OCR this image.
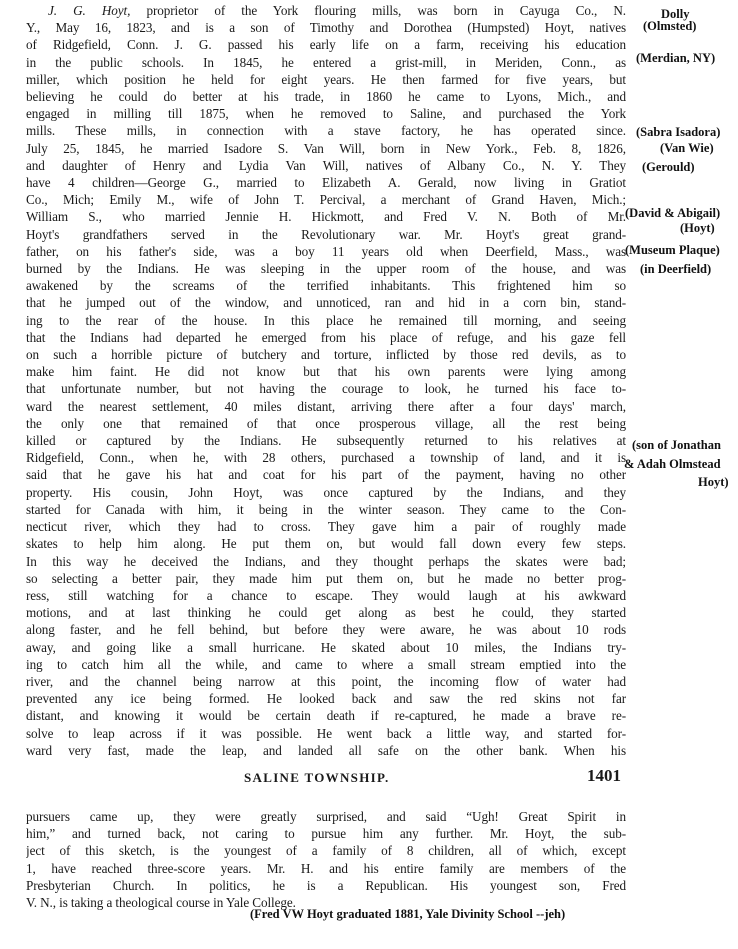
J. G. Hoyt, proprietor of the York flouring mills, was born in Cayuga Co., N.
Y., May 16, 1823, and is a son of Timothy and Dorothea (Humpsted) Hoyt, natives
of Ridgefield, Conn. J. G. passed his early life on a farm, receiving his education
in the public schools. In 1845, he entered a grist-mill, in Meriden, Conn., as
miller, which position he held for eight years. He then farmed for five years, but
believing he could do better at his trade, in 1860 he came to Lyons, Mich., and
engaged in milling till 1875, when he removed to Saline, and purchased the York
mills. These mills, in connection with a stave factory, he has operated since.
July 25, 1845, he married Isadore S. Van Will, born in New York., Feb. 8, 1826,
and daughter of Henry and Lydia Van Will, natives of Albany Co., N. Y. They
have 4 children—George G., married to Elizabeth A. Gerald, now living in Gratiot
Co., Mich; Emily M., wife of John T. Percival, a merchant of Grand Haven, Mich.;
William S., who married Jennie H. Hickmott, and Fred V. N. Both of Mr.
Hoyt's grandfathers served in the Revolutionary war. Mr. Hoyt's great grand-
father, on his father's side, was a boy 11 years old when Deerfield, Mass., was
burned by the Indians. He was sleeping in the upper room of the house, and was
awakened by the screams of the terrified inhabitants. This frightened him so
that he jumped out of the window, and unnoticed, ran and hid in a corn bin, stand-
ing to the rear of the house. In this place he remained till morning, and seeing
that the Indians had departed he emerged from his place of refuge, and his gaze fell
on such a horrible picture of butchery and torture, inflicted by those red devils, as to
make him faint. He did not know but that his own parents were lying among
that unfortunate number, but not having the courage to look, he turned his face to-
ward the nearest settlement, 40 miles distant, arriving there after a four days' march,
the only one that remained of that once prosperous village, all the rest being
killed or captured by the Indians. He subsequently returned to his relatives at
Ridgefield, Conn., when he, with 28 others, purchased a township of land, and it is
said that he gave his hat and coat for his part of the payment, having no other
property. His cousin, John Hoyt, was once captured by the Indians, and they
started for Canada with him, it being in the winter season. They came to the Con-
necticut river, which they had to cross. They gave him a pair of roughly made
skates to help him along. He put them on, but would fall down every few steps.
In this way he deceived the Indians, and they thought perhaps the skates were bad;
so selecting a better pair, they made him put them on, but he made no better prog-
ress, still watching for a chance to escape. They would laugh at his awkward
motions, and at last thinking he could get along as best he could, they started
along faster, and he fell behind, but before they were aware, he was about 10 rods
away, and going like a small hurricane. He skated about 10 miles, the Indians try-
ing to catch him all the while, and came to where a small stream emptied into the
river, and the channel being narrow at this point, the incoming flow of water had
prevented any ice being formed. He looked back and saw the red skins not far
distant, and knowing it would be certain death if re-captured, he made a brave re-
solve to leap across if it was possible. He went back a little way, and started for-
ward very fast, made the leap, and landed all safe on the other bank. When his
SALINE TOWNSHIP.	1401
pursuers came up, they were greatly surprised, and said “Ugh! Great Spirit in
him,” and turned back, not caring to pursue him any further. Mr. Hoyt, the sub-
ject of this sketch, is the youngest of a family of 8 children, all of which, except
1, have reached three-score years. Mr. H. and his entire family are members of the
Presbyterian Church. In politics, he is a Republican. His youngest son, Fred
V. N., is taking a theological course in Yale College.
Dolly
(Olmsted)
(Merdian, NY)
(Sabra Isadora)
(Van Wie)
(Gerould)
(David & Abigail)
(Hoyt)
(Museum Plaque)
(in Deerfield)
(son of Jonathan
& Adah Olmstead
Hoyt)
(Fred VW Hoyt graduated 1881, Yale Divinity School --jeh)
